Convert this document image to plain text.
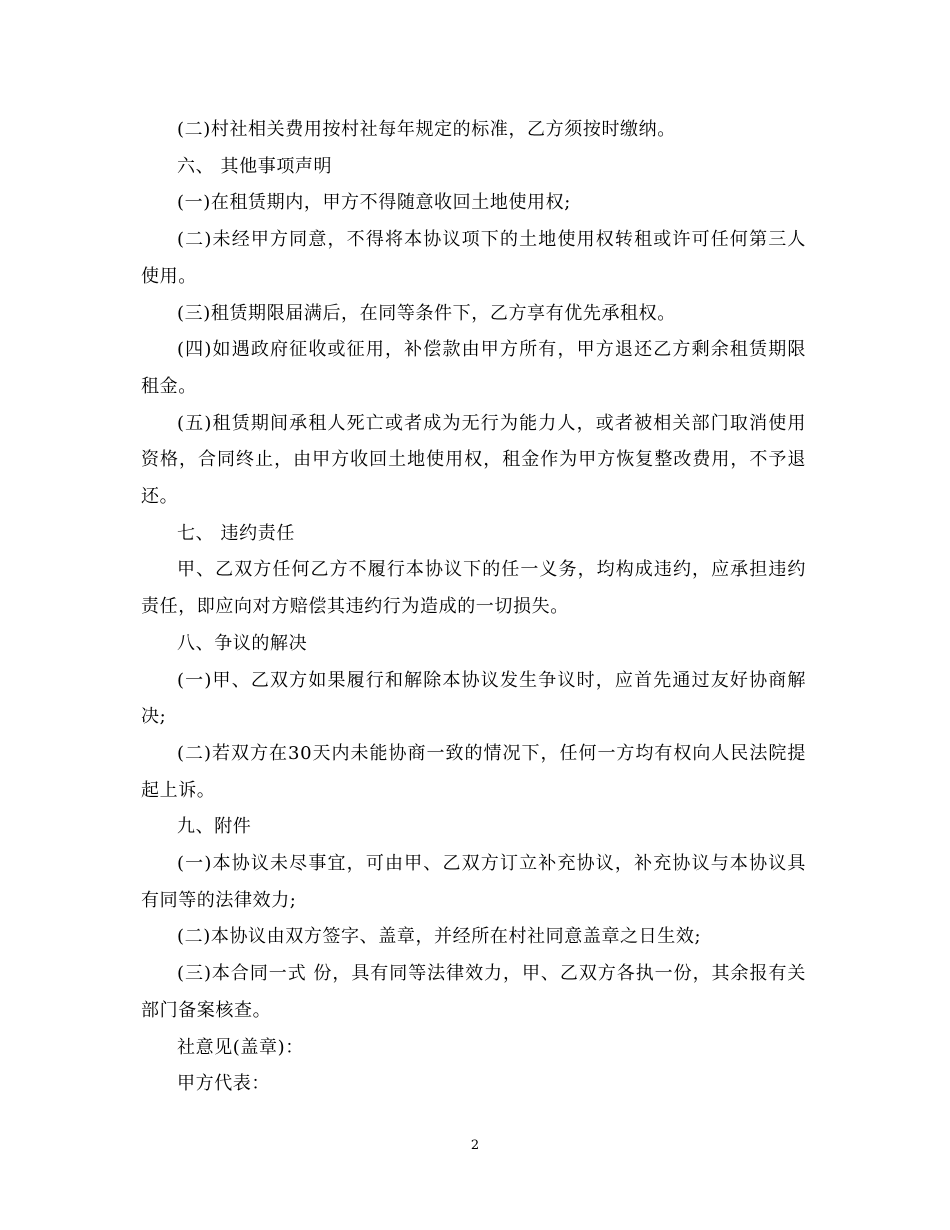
(二)村社相关费用按村社每年规定的标准，乙方须按时缴纳。

六、 其他事项声明

(一)在租赁期内，甲方不得随意收回土地使用权;

(二)未经甲方同意，不得将本协议项下的土地使用权转租或许可任何第三人使用。

(三)租赁期限届满后，在同等条件下，乙方享有优先承租权。

(四)如遇政府征收或征用，补偿款由甲方所有，甲方退还乙方剩余租赁期限租金。

(五)租赁期间承租人死亡或者成为无行为能力人，或者被相关部门取消使用资格，合同终止，由甲方收回土地使用权，租金作为甲方恢复整改费用，不予退还。

七、 违约责任

甲、乙双方任何乙方不履行本协议下的任一义务，均构成违约，应承担违约责任，即应向对方赔偿其违约行为造成的一切损失。

八、争议的解决

(一)甲、乙双方如果履行和解除本协议发生争议时，应首先通过友好协商解决;

(二)若双方在30天内未能协商一致的情况下，任何一方均有权向人民法院提起上诉。

九、附件

(一)本协议未尽事宜，可由甲、乙双方订立补充协议，补充协议与本协议具有同等的法律效力;

(二)本协议由双方签字、盖章，并经所在村社同意盖章之日生效;

(三)本合同一式 份，具有同等法律效力，甲、乙双方各执一份，其余报有关部门备案核查。

社意见(盖章)：

甲方代表：

2
